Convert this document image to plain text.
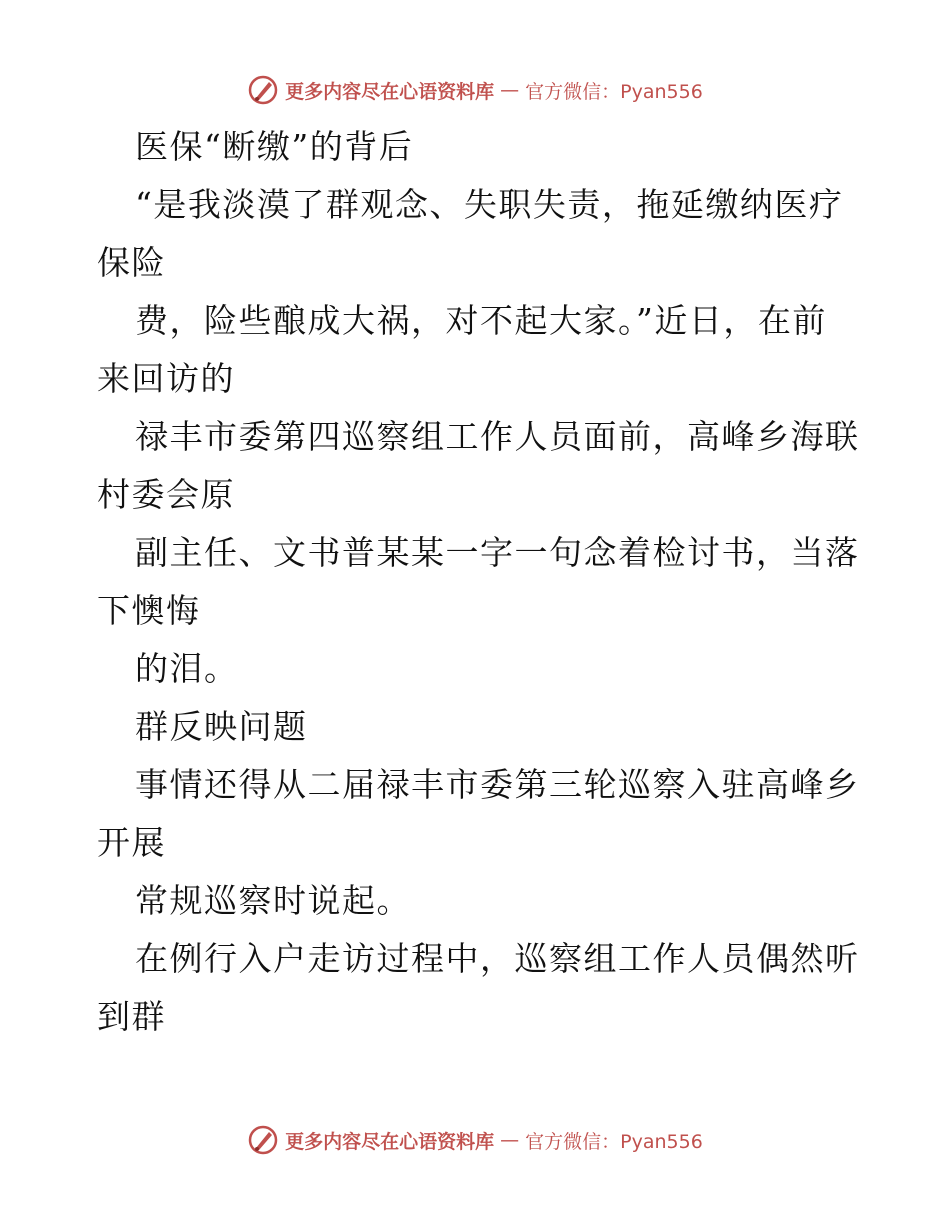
更多内容尽在心语资料库 — 官方微信：Pyan556

医保“断缴”的背后

“是我淡漠了群观念、失职失责，拖延缴纳医疗

保险

费，险些酿成大祸，对不起大家。”近日，在前

来回访的

禄丰市委第四巡察组工作人员面前，高峰乡海联

村委会原

副主任、文书普某某一字一句念着检讨书，当落

下懊悔

的泪。

群反映问题

事情还得从二届禄丰市委第三轮巡察入驻高峰乡

开展

常规巡察时说起。

在例行入户走访过程中，巡察组工作人员偶然听

到群

更多内容尽在心语资料库 — 官方微信：Pyan556
